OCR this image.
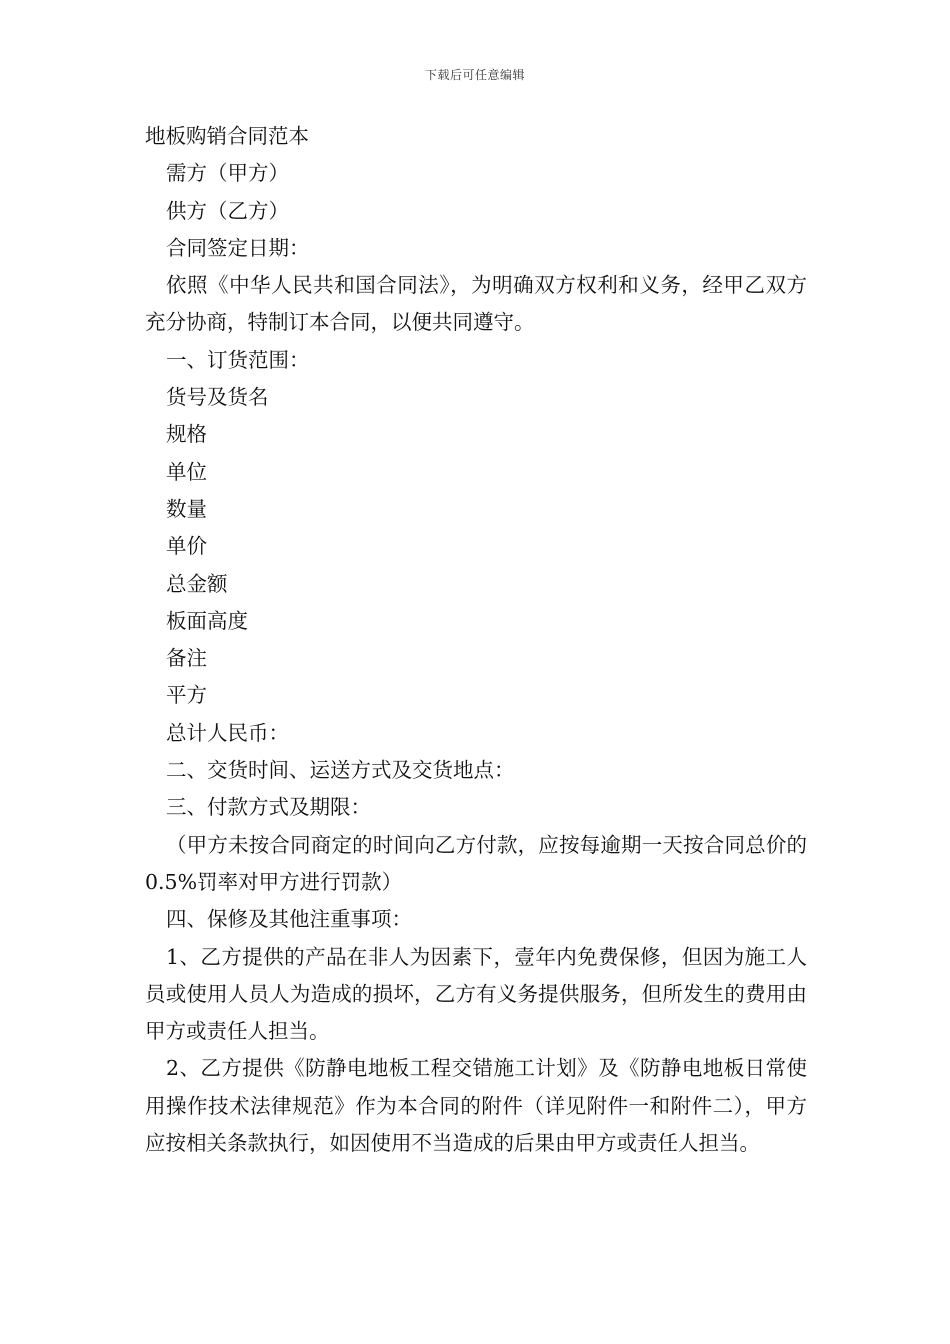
下载后可任意编辑
地板购销合同范本
需方（甲方）
供方（乙方）
合同签定日期：
依照《中华人民共和国合同法》，为明确双方权利和义务，经甲乙双方充分协商，特制订本合同，以便共同遵守。
一、订货范围：
货号及货名
规格
单位
数量
单价
总金额
板面高度
备注
平方
总计人民币：
二、交货时间、运送方式及交货地点：
三、付款方式及期限：
（甲方未按合同商定的时间向乙方付款，应按每逾期一天按合同总价的0.5%罚率对甲方进行罚款）
四、保修及其他注重事项：
1、乙方提供的产品在非人为因素下，壹年内免费保修，但因为施工人员或使用人员人为造成的损坏，乙方有义务提供服务，但所发生的费用由甲方或责任人担当。
2、乙方提供《防静电地板工程交错施工计划》及《防静电地板日常使用操作技术法律规范》作为本合同的附件（详见附件一和附件二），甲方应按相关条款执行，如因使用不当造成的后果由甲方或责任人担当。
